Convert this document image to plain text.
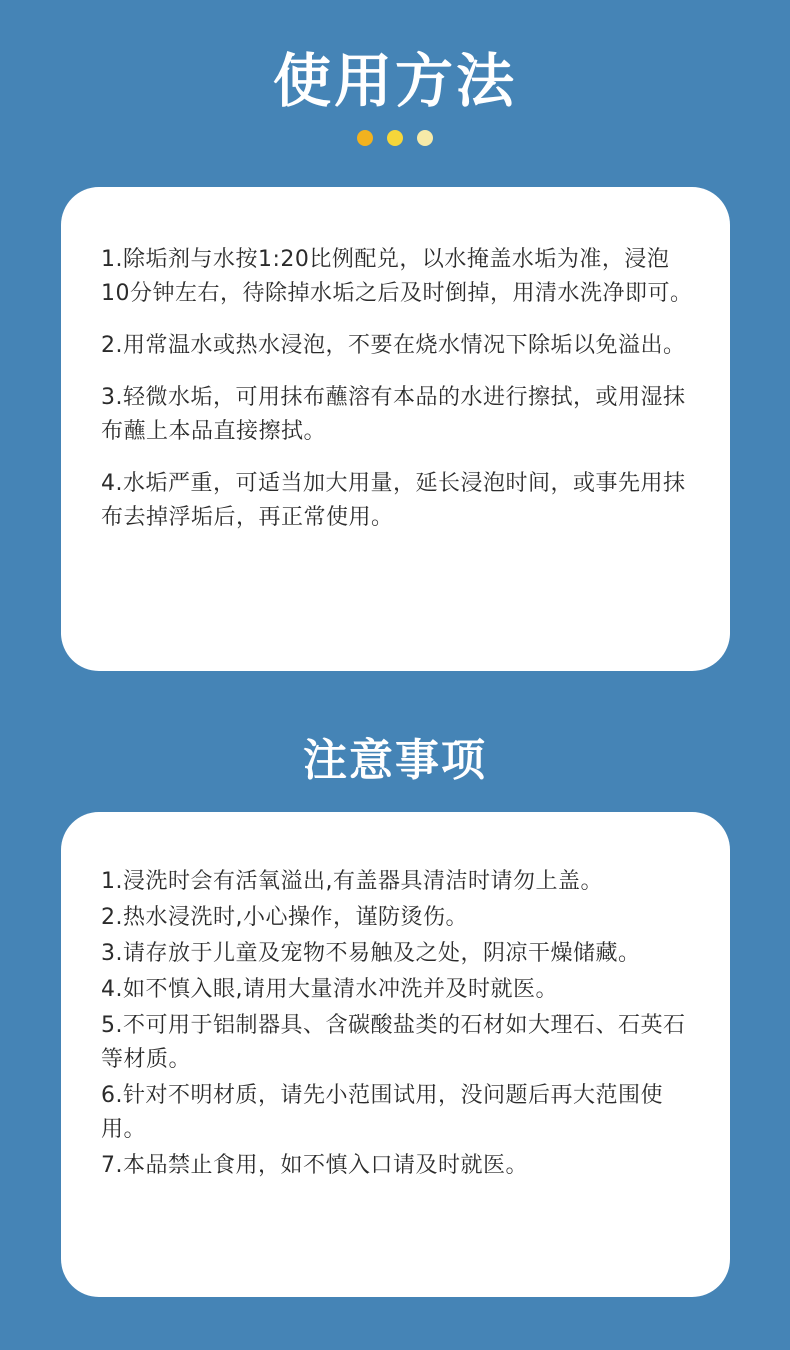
使用方法

1.除垢剂与水按1:20比例配兑，以水掩盖水垢为准，浸泡10分钟左右，待除掉水垢之后及时倒掉，用清水洗净即可。

2.用常温水或热水浸泡，不要在烧水情况下除垢以免溢出。

3.轻微水垢，可用抹布蘸溶有本品的水进行擦拭，或用湿抹布蘸上本品直接擦拭。

4.水垢严重，可适当加大用量，延长浸泡时间，或事先用抹布去掉浮垢后，再正常使用。

注意事项

1.浸洗时会有活氧溢出,有盖器具清洁时请勿上盖。

2.热水浸洗时,小心操作，谨防烫伤。

3.请存放于儿童及宠物不易触及之处，阴凉干燥储藏。

4.如不慎入眼,请用大量清水冲洗并及时就医。

5.不可用于铝制器具、含碳酸盐类的石材如大理石、石英石等材质。

6.针对不明材质，请先小范围试用，没问题后再大范围使用。

7.本品禁止食用，如不慎入口请及时就医。
